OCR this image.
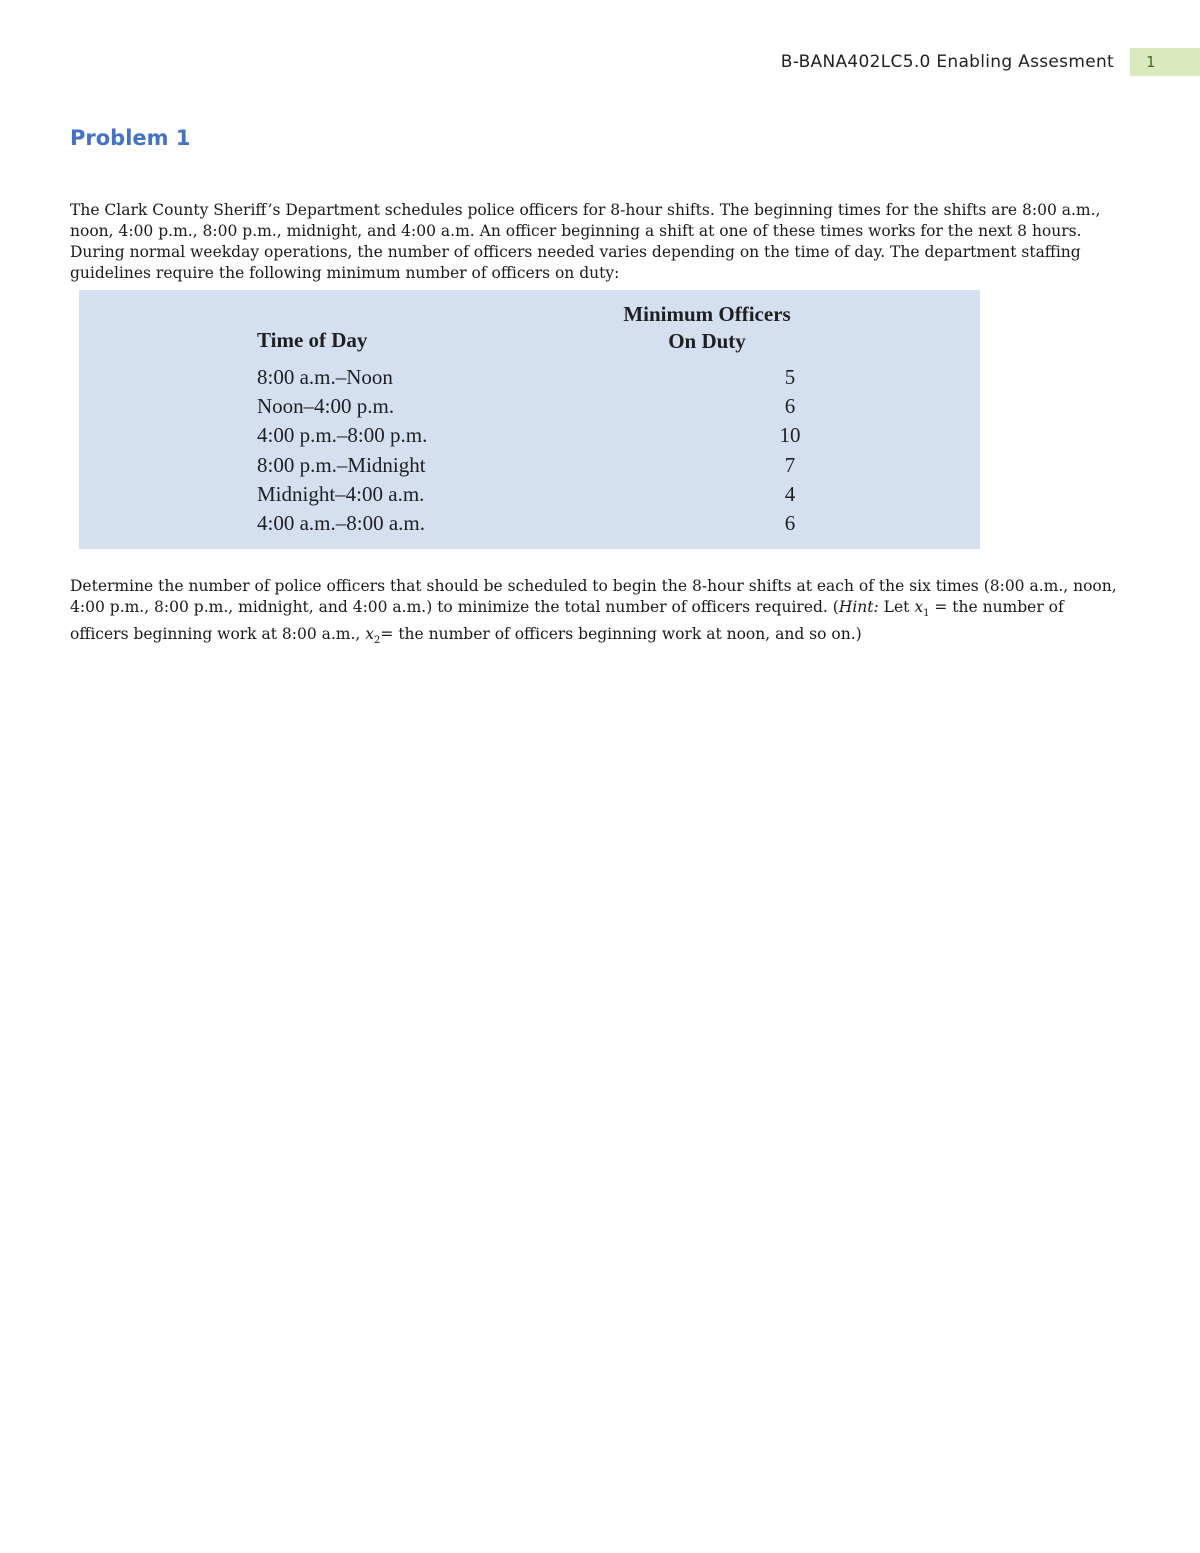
B-BANA402LC5.0 Enabling Assesment	1
Problem 1

The Clark County Sheriff’s Department schedules police officers for 8-hour shifts. The beginning times for the shifts are 8:00 a.m., noon, 4:00 p.m., 8:00 p.m., midnight, and 4:00 a.m. An officer beginning a shift at one of these times works for the next 8 hours. During normal weekday operations, the number of officers needed varies depending on the time of day. The department staffing guidelines require the following minimum number of officers on duty:

Time of Day
Minimum Officers
On Duty
8:00 a.m.–Noon	5
Noon–4:00 p.m.	6
4:00 p.m.–8:00 p.m.	10
8:00 p.m.–Midnight	7
Midnight–4:00 a.m.	4
4:00 a.m.–8:00 a.m.	6

Determine the number of police officers that should be scheduled to begin the 8-hour shifts at each of the six times (8:00 a.m., noon, 4:00 p.m., 8:00 p.m., midnight, and 4:00 a.m.) to minimize the total number of officers required. (Hint: Let $x_1$ = the number of officers beginning work at 8:00 a.m., $x_2=$ the number of officers beginning work at noon, and so on.)
